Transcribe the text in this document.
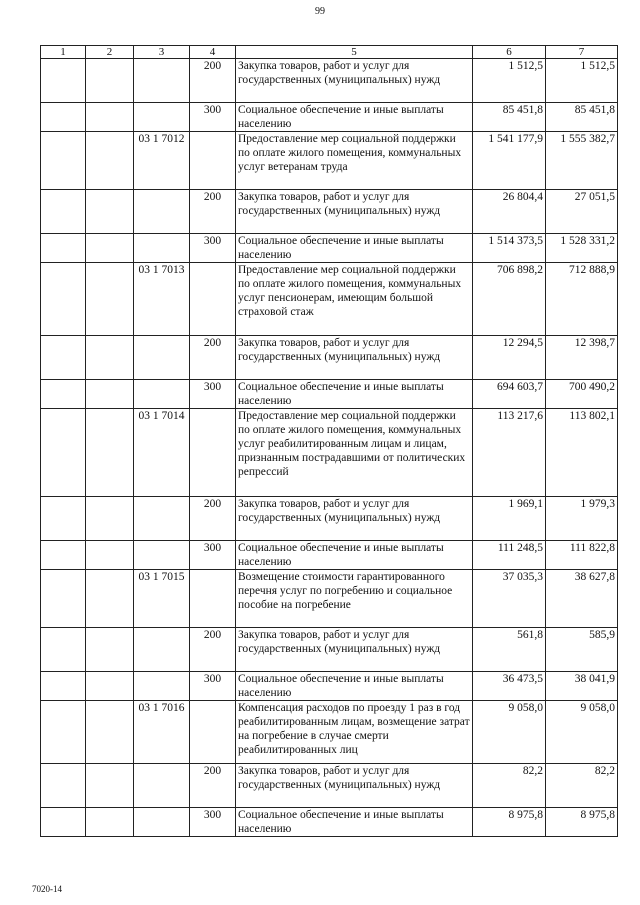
99
1	2	3	4	5	6	7
			200	Закупка товаров, работ и услуг для государственных (муниципальных) нужд	1 512,5	1 512,5
			300	Социальное обеспечение и иные выплаты населению	85 451,8	85 451,8
		03 1 7012		Предоставление мер социальной поддержки по оплате жилого помещения, коммунальных услуг ветеранам труда	1 541 177,9	1 555 382,7
			200	Закупка товаров, работ и услуг для государственных (муниципальных) нужд	26 804,4	27 051,5
			300	Социальное обеспечение и иные выплаты населению	1 514 373,5	1 528 331,2
		03 1 7013		Предоставление мер социальной поддержки по оплате жилого помещения, коммунальных услуг пенсионерам, имеющим большой страховой стаж	706 898,2	712 888,9
			200	Закупка товаров, работ и услуг для государственных (муниципальных) нужд	12 294,5	12 398,7
			300	Социальное обеспечение и иные выплаты населению	694 603,7	700 490,2
		03 1 7014		Предоставление мер социальной поддержки по оплате жилого помещения, коммунальных услуг реабилитированным лицам и лицам, признанным пострадавшими от политических репрессий	113 217,6	113 802,1
			200	Закупка товаров, работ и услуг для государственных (муниципальных) нужд	1 969,1	1 979,3
			300	Социальное обеспечение и иные выплаты населению	111 248,5	111 822,8
		03 1 7015		Возмещение стоимости гарантированного перечня услуг по погребению и социальное пособие на погребение	37 035,3	38 627,8
			200	Закупка товаров, работ и услуг для государственных (муниципальных) нужд	561,8	585,9
			300	Социальное обеспечение и иные выплаты населению	36 473,5	38 041,9
		03 1 7016		Компенсация расходов по проезду 1 раз в год реабилитированным лицам, возмещение затрат на погребение в случае смерти реабилитированных лиц	9 058,0	9 058,0
			200	Закупка товаров, работ и услуг для государственных (муниципальных) нужд	82,2	82,2
			300	Социальное обеспечение и иные выплаты населению	8 975,8	8 975,8
7020-14
